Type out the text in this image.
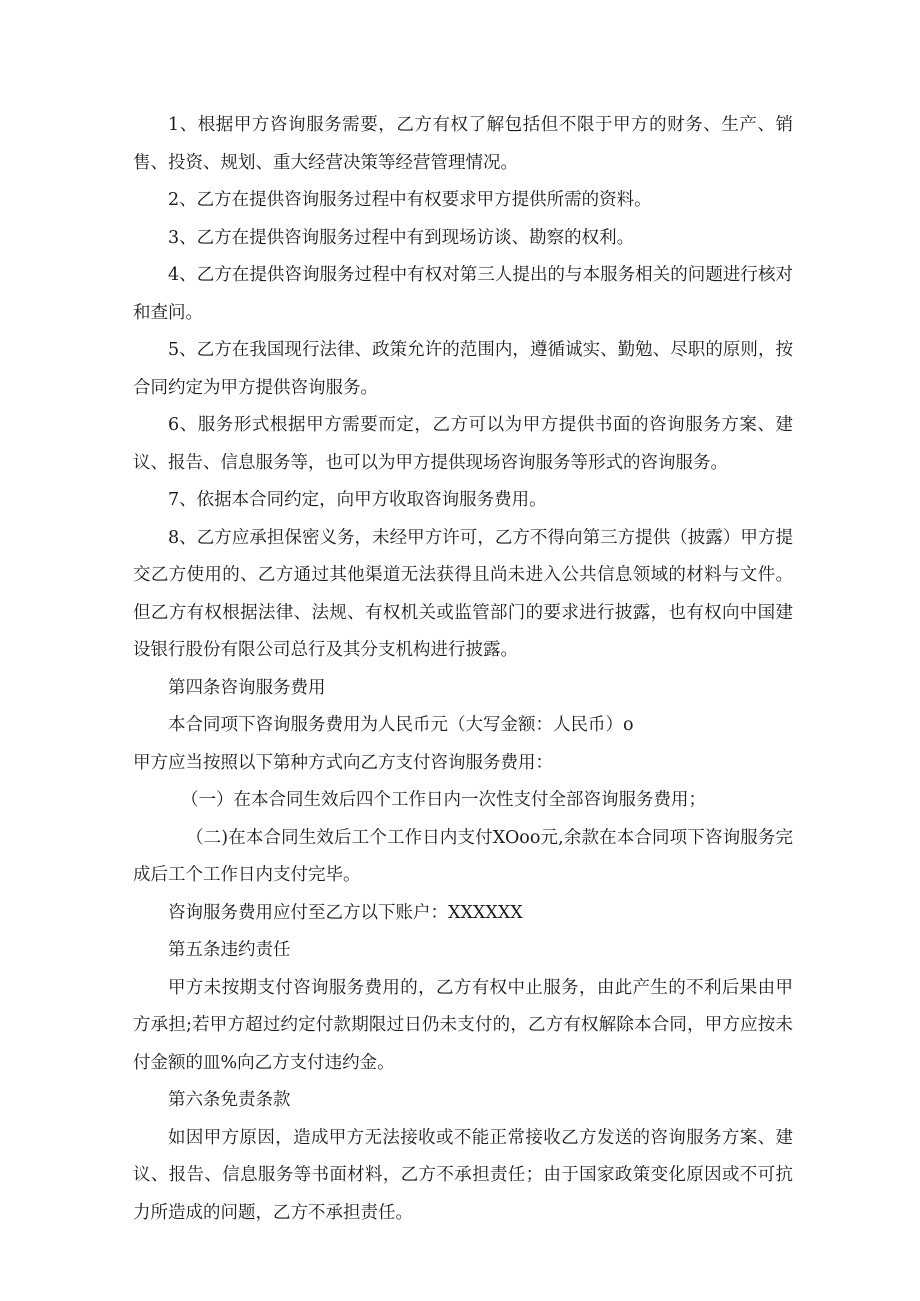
1、根据甲方咨询服务需要，乙方有权了解包括但不限于甲方的财务、生产、销售、投资、规划、重大经营决策等经营管理情况。

2、乙方在提供咨询服务过程中有权要求甲方提供所需的资料。

3、乙方在提供咨询服务过程中有到现场访谈、勘察的权利。

4、乙方在提供咨询服务过程中有权对第三人提出的与本服务相关的问题进行核对和查问。

5、乙方在我国现行法律、政策允许的范围内，遵循诚实、勤勉、尽职的原则，按合同约定为甲方提供咨询服务。

6、服务形式根据甲方需要而定，乙方可以为甲方提供书面的咨询服务方案、建议、报告、信息服务等，也可以为甲方提供现场咨询服务等形式的咨询服务。

7、依据本合同约定，向甲方收取咨询服务费用。

8、乙方应承担保密义务，未经甲方许可，乙方不得向第三方提供（披露）甲方提交乙方使用的、乙方通过其他渠道无法获得且尚未进入公共信息领域的材料与文件。但乙方有权根据法律、法规、有权机关或监管部门的要求进行披露，也有权向中国建设银行股份有限公司总行及其分支机构进行披露。

第四条咨询服务费用

本合同项下咨询服务费用为人民币元（大写金额：人民币）o

甲方应当按照以下第种方式向乙方支付咨询服务费用：

（一）在本合同生效后四个工作日内一次性支付全部咨询服务费用；

（二)在本合同生效后工个工作日内支付XOoo元,余款在本合同项下咨询服务完成后工个工作日内支付完毕。

咨询服务费用应付至乙方以下账户：XXXXXX

第五条违约责任

甲方未按期支付咨询服务费用的，乙方有权中止服务，由此产生的不利后果由甲方承担;若甲方超过约定付款期限过日仍未支付的，乙方有权解除本合同，甲方应按未付金额的皿%向乙方支付违约金。

第六条免责条款

如因甲方原因，造成甲方无法接收或不能正常接收乙方发送的咨询服务方案、建议、报告、信息服务等书面材料，乙方不承担责任；由于国家政策变化原因或不可抗力所造成的问题，乙方不承担责任。
